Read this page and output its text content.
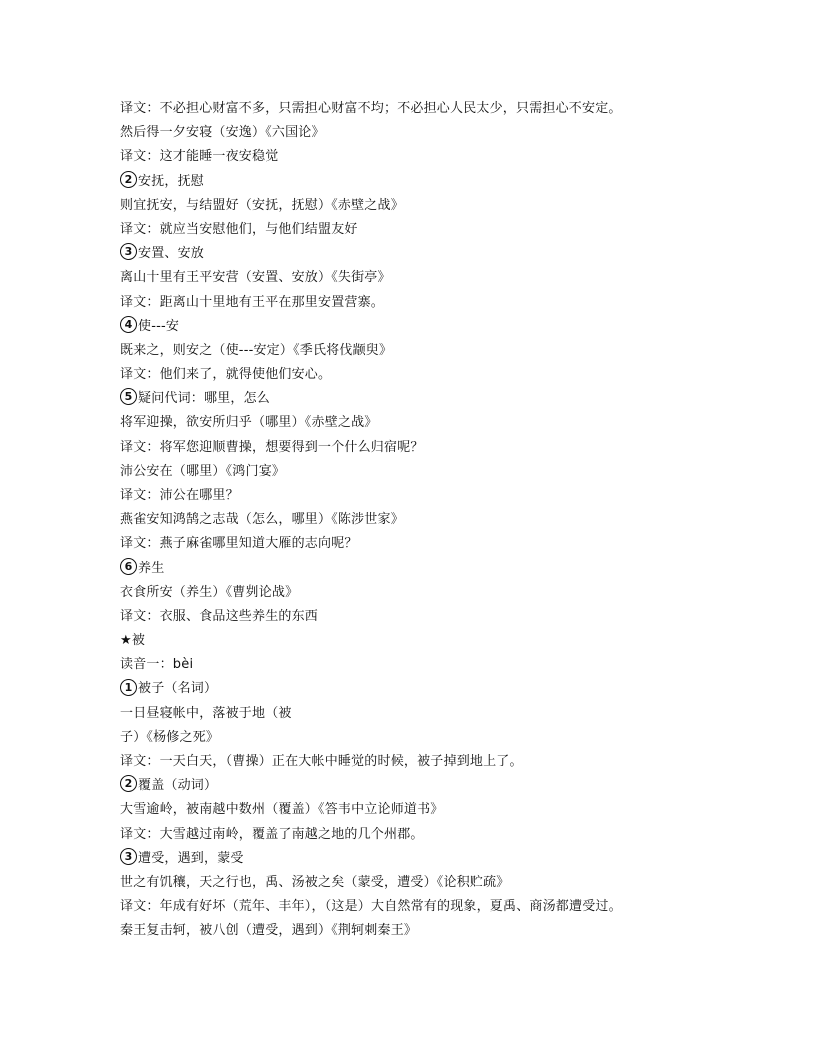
译文：不必担心财富不多，只需担心财富不均；不必担心人民太少，只需担心不安定。
然后得一夕安寝（安逸）《六国论》
译文：这才能睡一夜安稳觉
2 安抚，抚慰
则宜抚安，与结盟好（安抚，抚慰）《赤壁之战》
译文：就应当安慰他们，与他们结盟友好
3 安置、安放
离山十里有王平安营（安置、安放）《失街亭》
译文：距离山十里地有王平在那里安置营寨。
4 使---安
既来之，则安之（使---安定）《季氏将伐颛臾》
译文：他们来了，就得使他们安心。
5 疑问代词：哪里，怎么
将军迎操，欲安所归乎（哪里）《赤壁之战》
译文：将军您迎顺曹操，想要得到一个什么归宿呢？
沛公安在（哪里）《鸿门宴》
译文：沛公在哪里？
燕雀安知鸿鹄之志哉（怎么，哪里）《陈涉世家》
译文：燕子麻雀哪里知道大雁的志向呢？
6 养生
衣食所安（养生）《曹刿论战》
译文：衣服、食品这些养生的东西
★被
读音一：bèi
1 被子（名词）
一日昼寝帐中，落被于地（被
子）《杨修之死》
译文：一天白天，（曹操）正在大帐中睡觉的时候，被子掉到地上了。
2 覆盖（动词）
大雪逾岭，被南越中数州（覆盖）《答韦中立论师道书》
译文：大雪越过南岭，覆盖了南越之地的几个州郡。
3 遭受，遇到，蒙受
世之有饥穰，天之行也，禹、汤被之矣（蒙受，遭受）《论积贮疏》
译文：年成有好坏（荒年、丰年），（这是）大自然常有的现象，夏禹、商汤都遭受过。
秦王复击轲，被八创（遭受，遇到）《荆轲刺秦王》
